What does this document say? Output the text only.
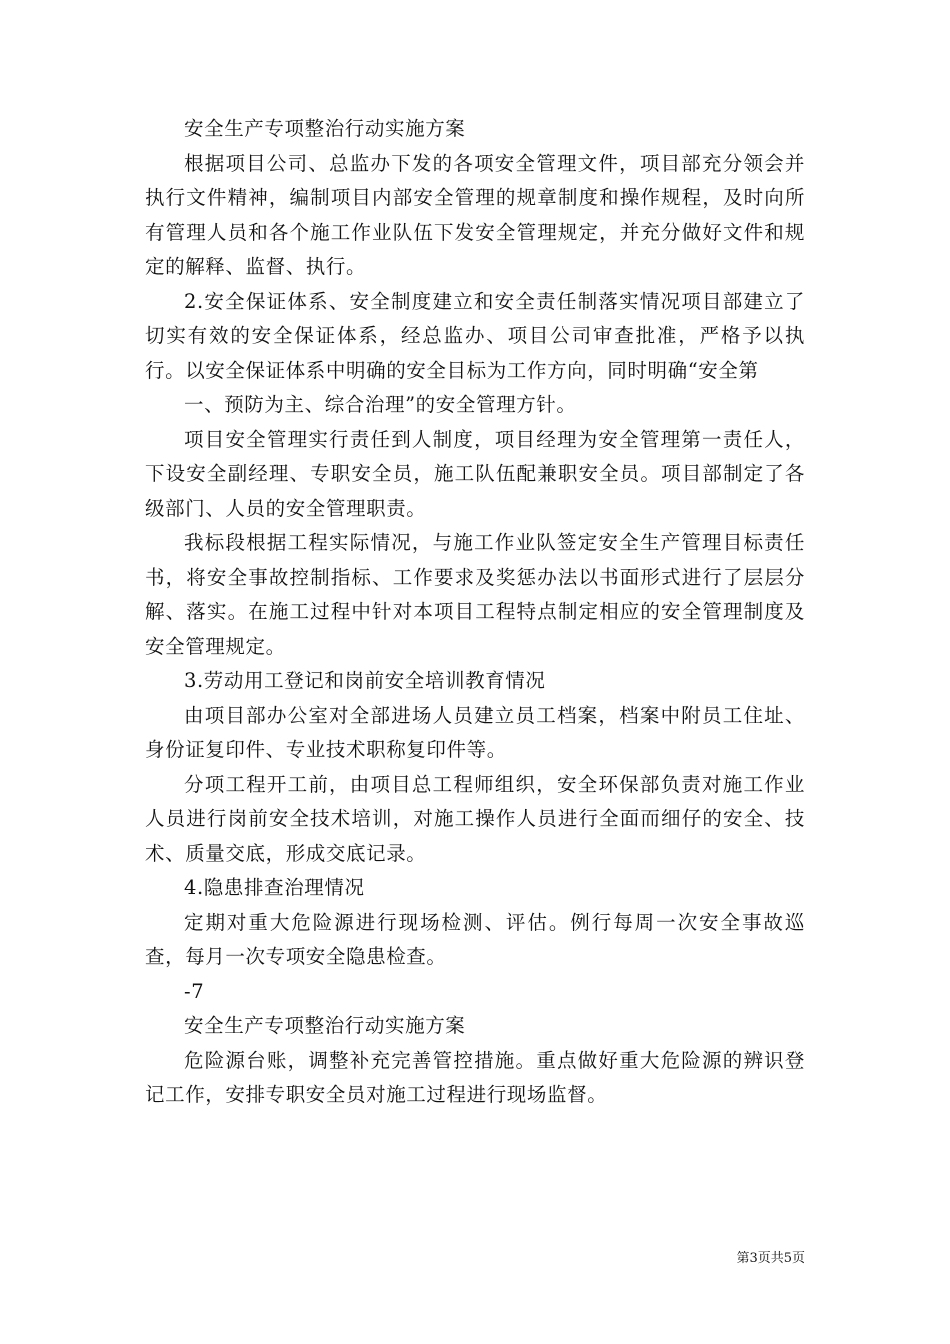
安全生产专项整治行动实施方案

根据项目公司、总监办下发的各项安全管理文件，项目部充分领会并执行文件精神，编制项目内部安全管理的规章制度和操作规程，及时向所有管理人员和各个施工作业队伍下发安全管理规定，并充分做好文件和规定的解释、监督、执行。

2.安全保证体系、安全制度建立和安全责任制落实情况项目部建立了切实有效的安全保证体系，经总监办、项目公司审查批准，严格予以执行。以安全保证体系中明确的安全目标为工作方向，同时明确“安全第

一、预防为主、综合治理”的安全管理方针。

项目安全管理实行责任到人制度，项目经理为安全管理第一责任人，下设安全副经理、专职安全员，施工队伍配兼职安全员。项目部制定了各级部门、人员的安全管理职责。

我标段根据工程实际情况，与施工作业队签定安全生产管理目标责任书，将安全事故控制指标、工作要求及奖惩办法以书面形式进行了层层分解、落实。在施工过程中针对本项目工程特点制定相应的安全管理制度及安全管理规定。

3.劳动用工登记和岗前安全培训教育情况

由项目部办公室对全部进场人员建立员工档案，档案中附员工住址、身份证复印件、专业技术职称复印件等。

分项工程开工前，由项目总工程师组织，安全环保部负责对施工作业人员进行岗前安全技术培训，对施工操作人员进行全面而细仔的安全、技术、质量交底，形成交底记录。

4.隐患排查治理情况

定期对重大危险源进行现场检测、评估。例行每周一次安全事故巡查，每月一次专项安全隐患检查。

-7

安全生产专项整治行动实施方案

危险源台账，调整补充完善管控措施。重点做好重大危险源的辨识登记工作，安排专职安全员对施工过程进行现场监督。

第3页共5页
